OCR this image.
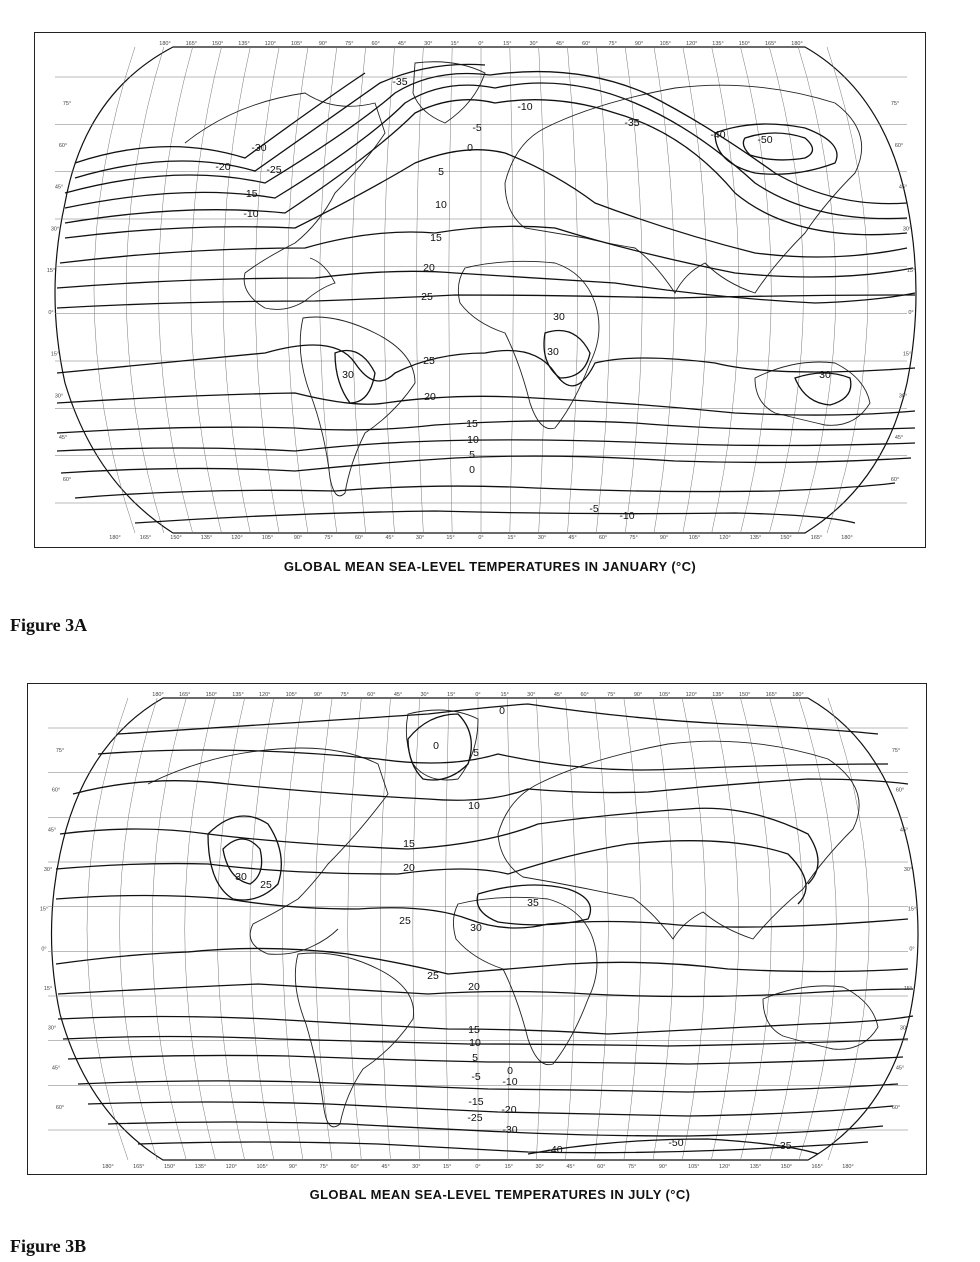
-35
-10
-35
-40	-50
-5
0
-30
-25
-20
-15
-10
5
10
15
20
25
30
30
30	30
25
20
15
10
5
0
-5
-10
180°	165°	150°	135°	120°	105°	90°	75°	60°	45°	30°	15°	0°	15°	30°	45°	60°	75°	90°	105°	120°	135°	150°	165°	180°
180°	165°	150°	135°	120°	105°	90°	75°	60°	45°	30°	15°	0°	15°	30°	45°	60°	75°	90°	105°	120°	135°	150°	165°	180°
75°
60°
45°
30°
15°
0°
15°
30°
45°
60°
75°
60°
45°
30°
15°
0°
15°
30°
45°
60°
GLOBAL MEAN SEA-LEVEL TEMPERATURES IN JANUARY (°C)
Figure 3A
0
0
5
10
15
20
30
25
25
35
30
25
20
15
10
5
0
-5 -10
-15
-20
-25
-30
-40
-50	-35
180°	165°	150°	135°	120°	105°	90°	75°	60°	45°	30°	15°	0°	15°	30°	45°	60°	75°	90°	105°	120°	135°	150°	165°	180°
180°	165°	150°	135°	120°	105°	90°	75°	60°	45°	30°	15°	0°	15°	30°	45°	60°	75°	90°	105°	120°	135°	150°	165°	180°
75°
60°
45°
30°
15°
0°
15°
30°
45°
60°
75°
60°
45°
30°
15°
0°
15°
30°
45°
60°
GLOBAL MEAN SEA-LEVEL TEMPERATURES IN JULY (°C)
Figure 3B
